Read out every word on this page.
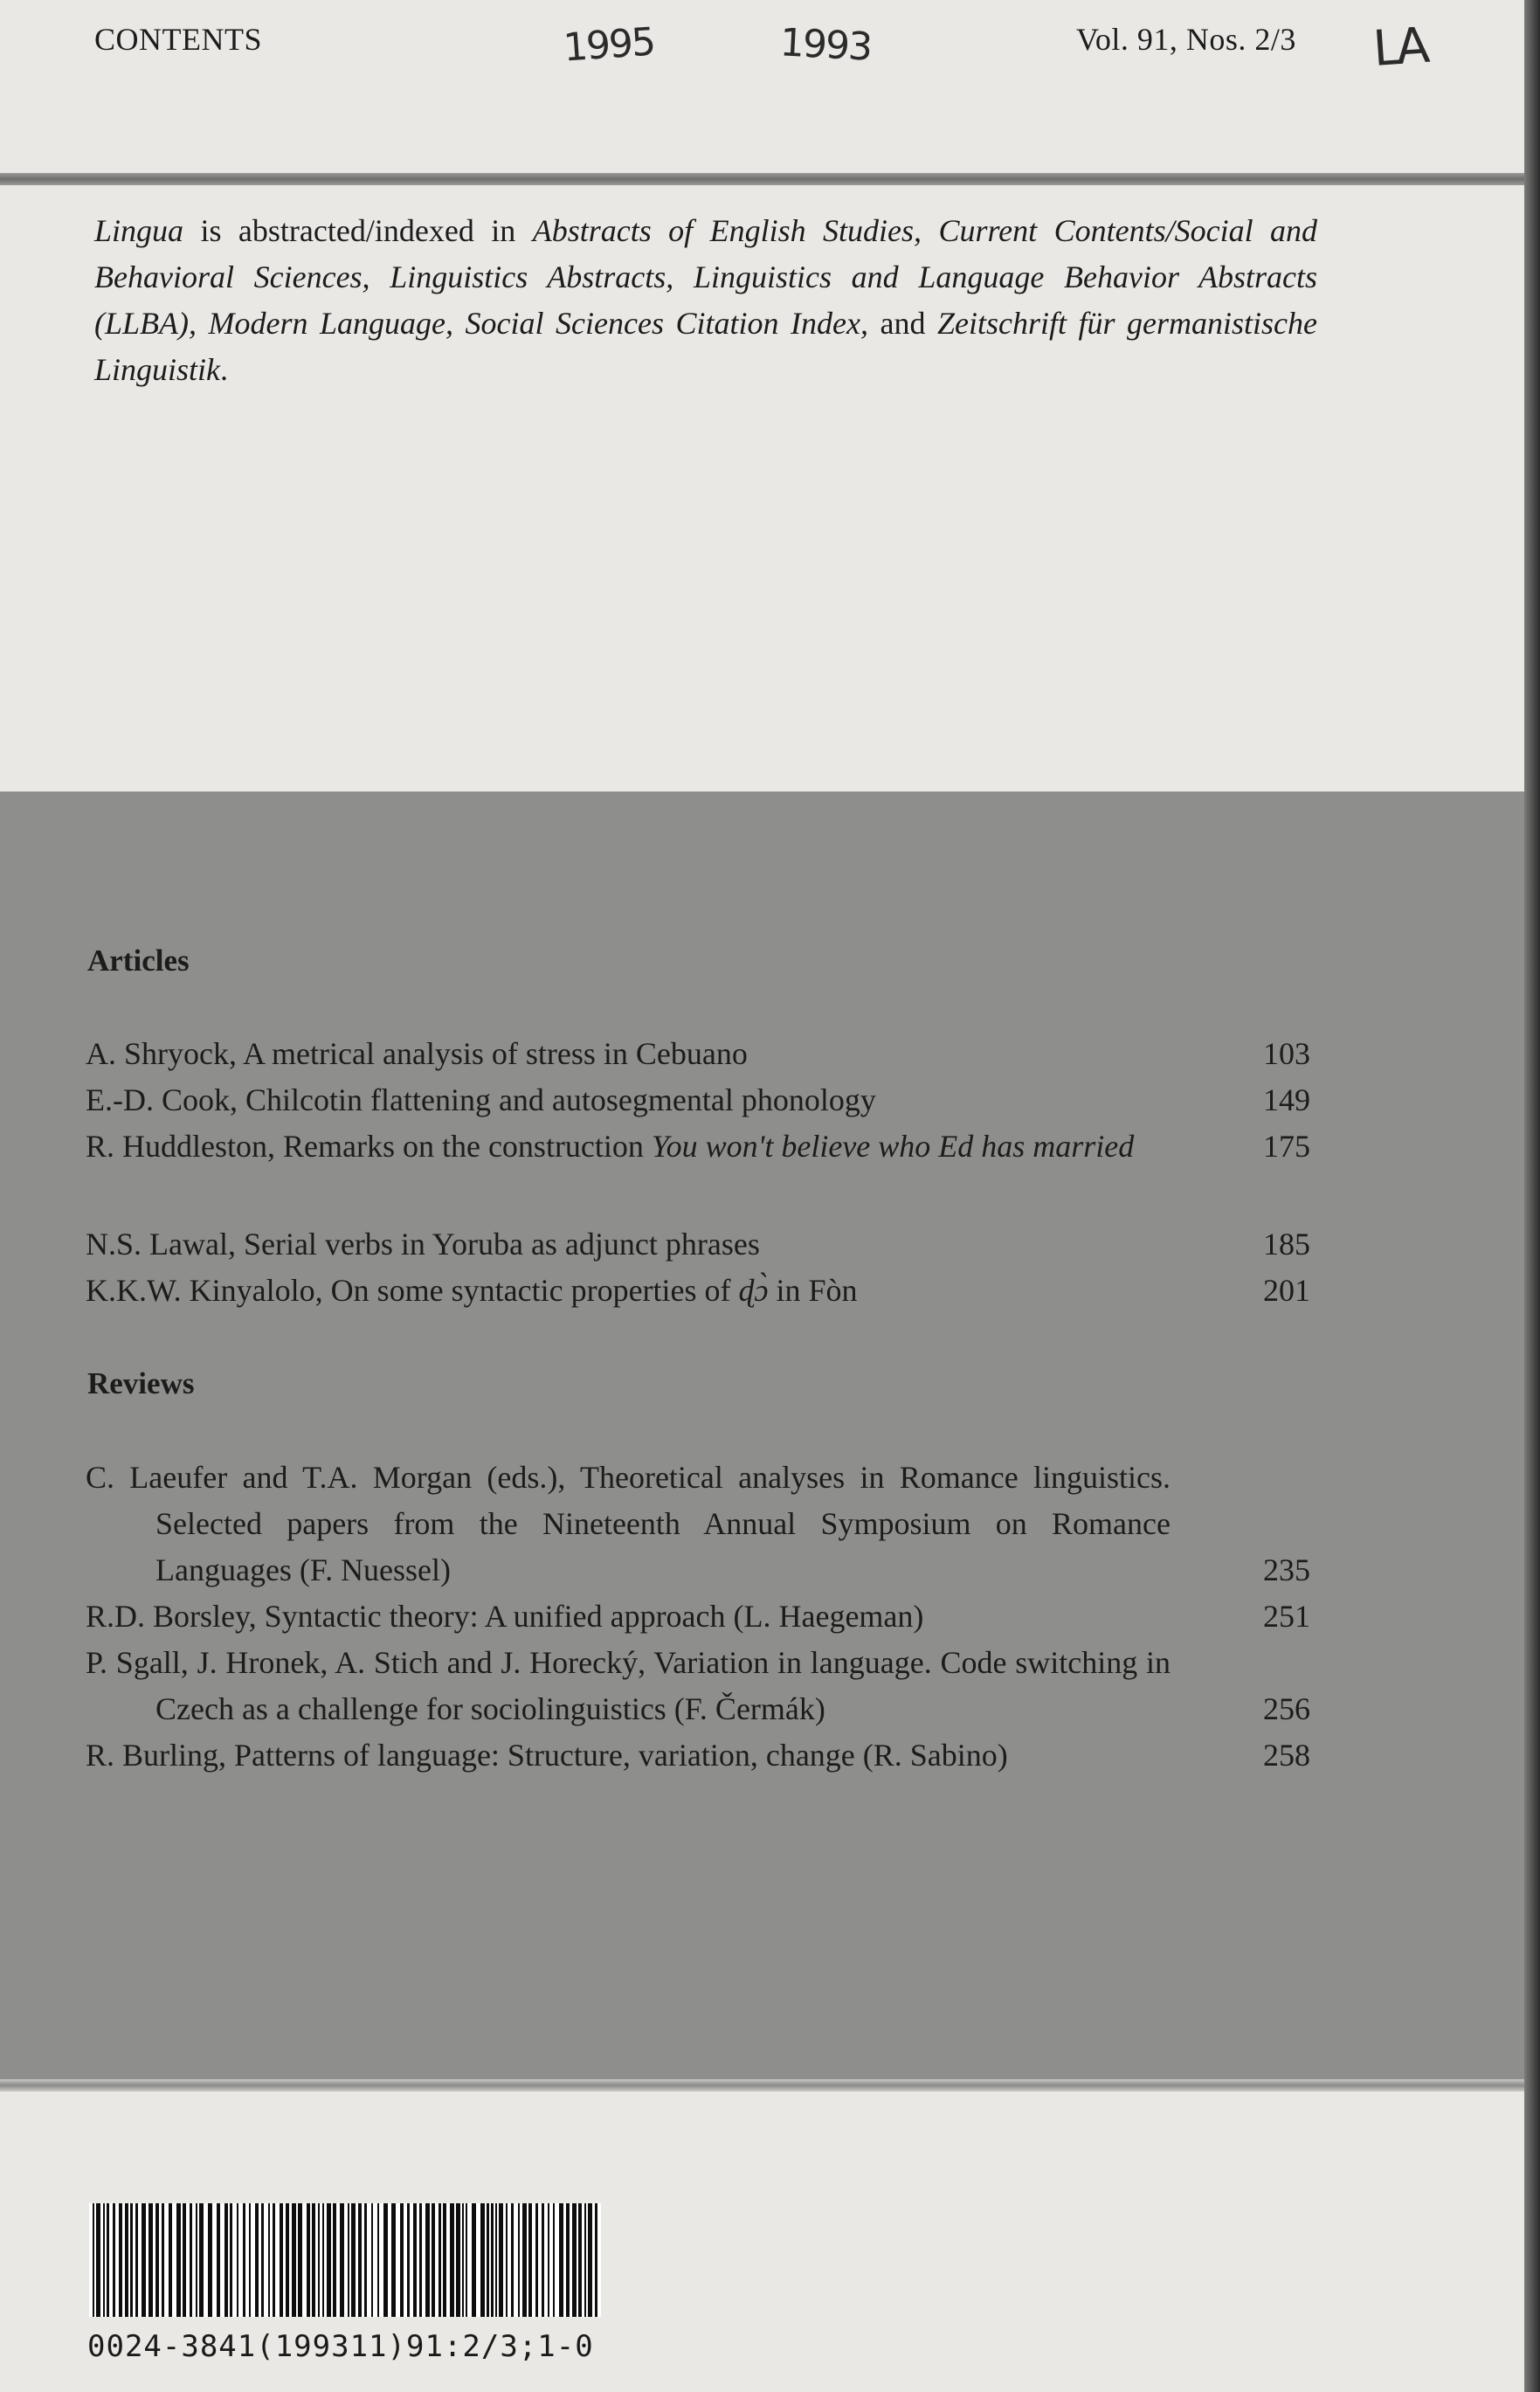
CONTENTS	1995	1993	Vol. 91, Nos. 2/3 LA
Lingua is abstracted/indexed in Abstracts of English Studies, Current Contents/Social and Behavioral Sciences, Linguistics Abstracts, Linguistics and Language Behavior Abstracts (LLBA), Modern Language, Social Sciences Citation Index, and Zeitschrift für germanistische Linguistik.
Articles
A. Shryock, A metrical analysis of stress in Cebuano	103
E.-D. Cook, Chilcotin flattening and autosegmental phonology	149
R. Huddleston, Remarks on the construction You won't believe who Ed has married	175
N.S. Lawal, Serial verbs in Yoruba as adjunct phrases	185
K.K.W. Kinyalolo, On some syntactic properties of ɖɔ̀ in Fòn	201
Reviews
C. Laeufer and T.A. Morgan (eds.), Theoretical analyses in Romance linguistics. Selected papers from the Nineteenth Annual Symposium on Romance Languages (F. Nuessel)	235
R.D. Borsley, Syntactic theory: A unified approach (L. Haegeman)	251
P. Sgall, J. Hronek, A. Stich and J. Horecký, Variation in language. Code switching in Czech as a challenge for sociolinguistics (F. Čermák)	256
R. Burling, Patterns of language: Structure, variation, change (R. Sabino)	258
0024-3841(199311)91:2/3;1-0
